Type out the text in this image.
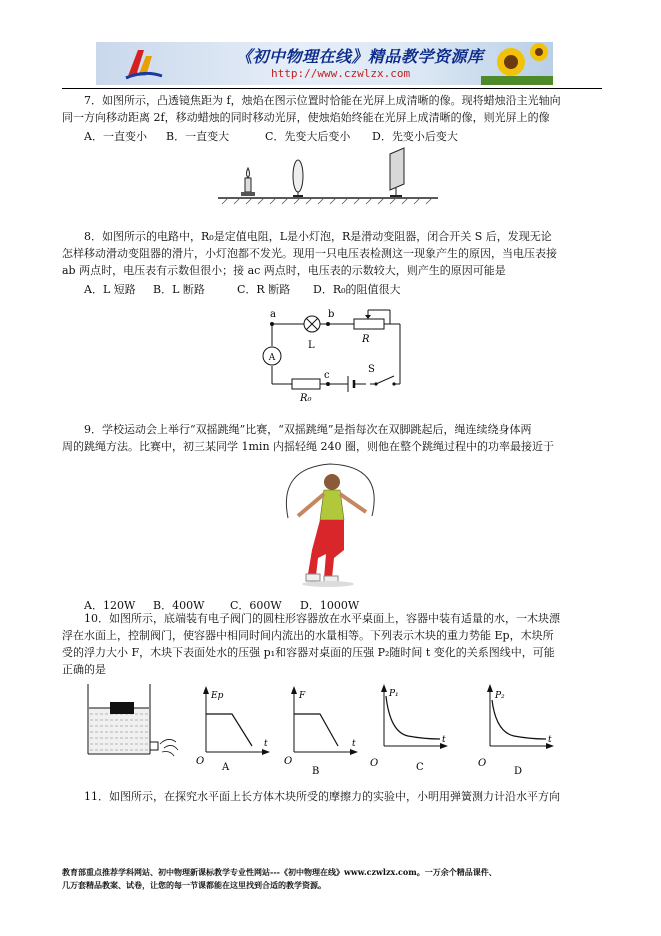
《初中物理在线》精品教学资源库
http://www.czwlzx.com
7．如图所示，凸透镜焦距为 f，烛焰在图示位置时恰能在光屏上成清晰的像。现将蜡烛沿主光轴向
同一方向移动距离 2f，移动蜡烛的同时移动光屏，使烛焰始终能在光屏上成清晰的像，则光屏上的像
A．一直变小 B．一直变大	C．先变大后变小 D．先变小后变大
8．如图所示的电路中，R₀是定值电阻，L是小灯泡，R是滑动变阻器，闭合开关 S 后，发现无论
怎样移动滑动变阻器的滑片，小灯泡都不发光。现用一只电压表检测这一现象产生的原因，当电压表接
ab 两点时，电压表有示数但很小；接 ac 两点时，电压表的示数较大，则产生的原因可能是
A．L 短路 B．L 断路	C．R 断路 D．R₀的阻值很大
A
a	b
L
R
c
S
R₀
9．学校运动会上举行“双摇跳绳”比赛，“双摇跳绳”是指每次在双脚跳起后，绳连续绕身体两
周的跳绳方法。比赛中，初三某同学 1min 内摇轻绳 240 圈，则他在整个跳绳过程中的功率最接近于
A．120W B．400W C．600W D．1000W
10．如图所示，底端装有电子阀门的圆柱形容器放在水平桌面上，容器中装有适量的水，一木块漂
浮在水面上，控制阀门，使容器中相同时间内流出的水量相等。下列表示木块的重力势能 Ep，木块所
受的浮力大小 F，木块下表面处水的压强 p₁和容器对桌面的压强 P₂随时间 t 变化的关系图线中，可能
正确的是
Ep
t
O
A
F
t
O
B
P₁
t
O	C
P₂
t
O
D
11．如图所示，在探究水平面上长方体木块所受的摩擦力的实验中，小明用弹簧测力计沿水平方向
教育部重点推荐学科网站、初中物理新课标教学专业性网站---《初中物理在线》www.czwlzx.com。一万余个精品课件、
几万套精品教案、试卷，让您的每一节课都能在这里找到合适的教学资源。
